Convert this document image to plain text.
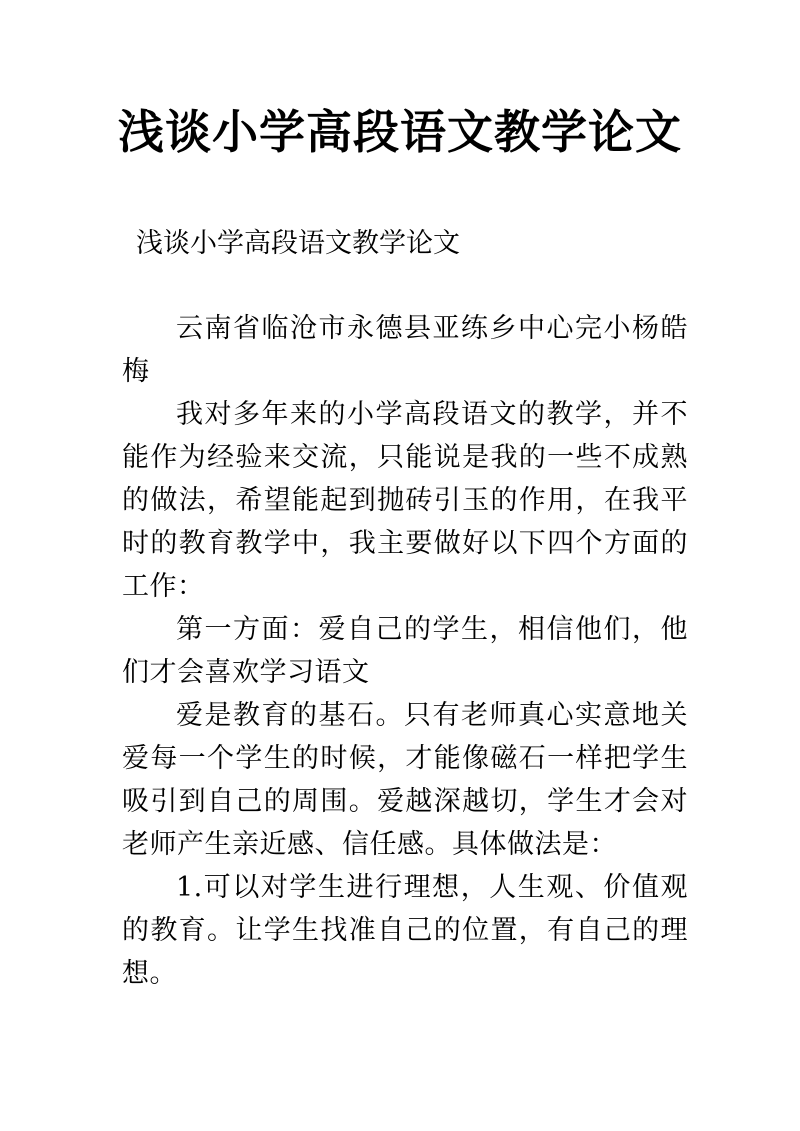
浅谈小学高段语文教学论文

浅谈小学高段语文教学论文

云南省临沧市永德县亚练乡中心完小杨皓梅

我对多年来的小学高段语文的教学，并不能作为经验来交流，只能说是我的一些不成熟的做法，希望能起到抛砖引玉的作用，在我平时的教育教学中，我主要做好以下四个方面的工作：

第一方面：爱自己的学生，相信他们，他们才会喜欢学习语文

爱是教育的基石。只有老师真心实意地关爱每一个学生的时候，才能像磁石一样把学生吸引到自己的周围。爱越深越切，学生才会对老师产生亲近感、信任感。具体做法是：

1.可以对学生进行理想，人生观、价值观的教育。让学生找准自己的位置，有自己的理想。
